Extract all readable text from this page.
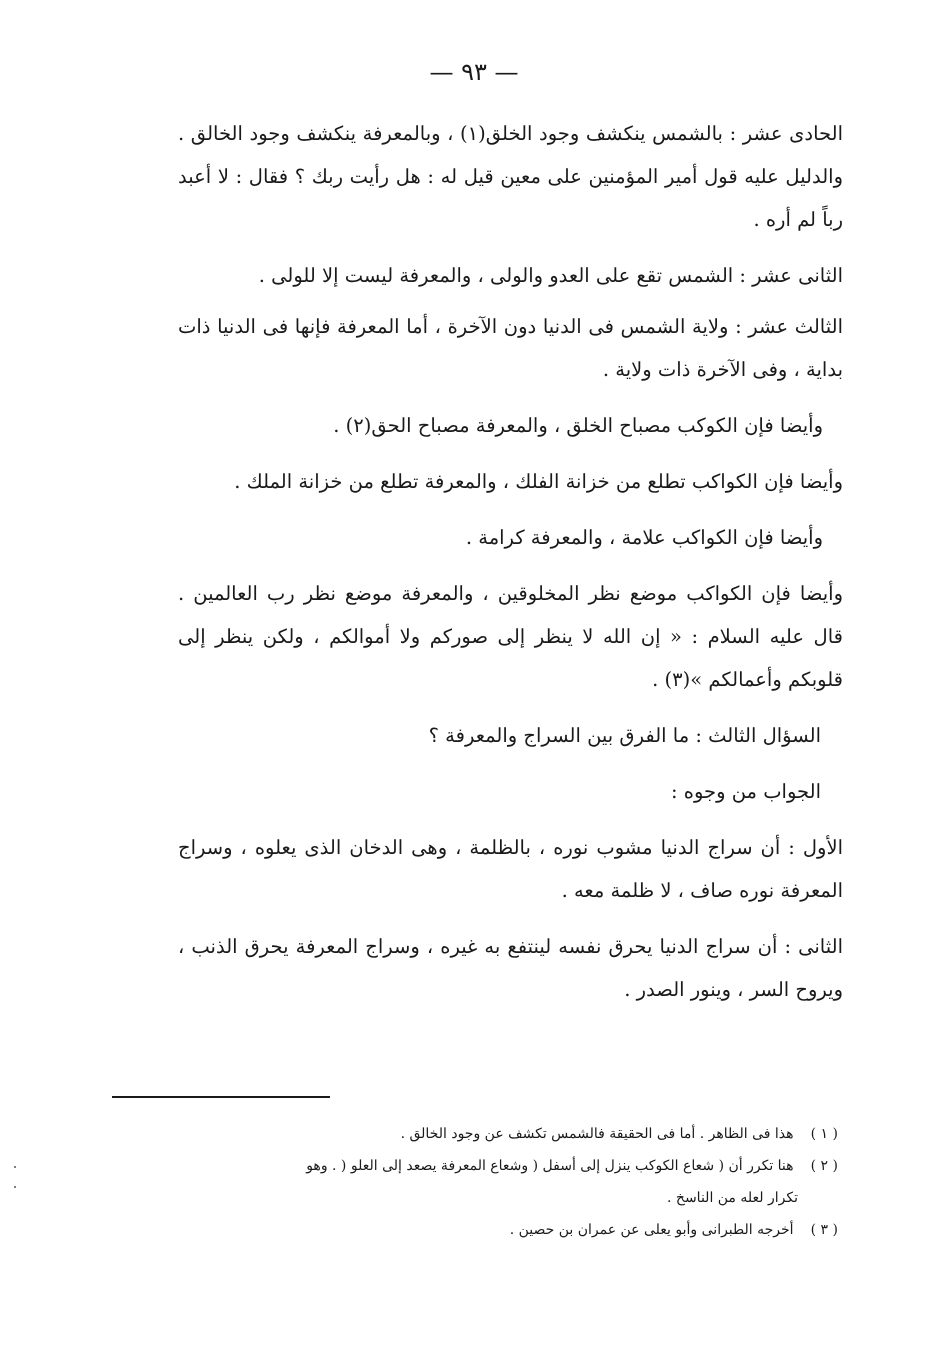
— ٩٣ —

الحادى عشر : بالشمس ينكشف وجود الخلق(١) ، وبالمعرفة ينكشف وجود الخالق . والدليل عليه قول أمير المؤمنين على معين قيل له : هل رأيت ربك ؟ فقال : لا أعبد رباً لم أره .

الثانى عشر : الشمس تقع على العدو والولى ، والمعرفة ليست إلا للولى .

الثالث عشر : ولاية الشمس فى الدنيا دون الآخرة ، أما المعرفة فإنها فى الدنيا ذات بداية ، وفى الآخرة ذات ولاية .

وأيضا فإن الكوكب مصباح الخلق ، والمعرفة مصباح الحق(٢) .

وأيضا فإن الكواكب تطلع من خزانة الفلك ، والمعرفة تطلع من خزانة الملك .

وأيضا فإن الكواكب علامة ، والمعرفة كرامة .

وأيضا فإن الكواكب موضع نظر المخلوقين ، والمعرفة موضع نظر رب العالمين . قال عليه السلام : « إن الله لا ينظر إلى صوركم ولا أموالكم ، ولكن ينظر إلى قلوبكم وأعمالكم »(٣) .

السؤال الثالث : ما الفرق بين السراج والمعرفة ؟

الجواب من وجوه :

الأول : أن سراج الدنيا مشوب نوره ، بالظلمة ، وهى الدخان الذى يعلوه ، وسراج المعرفة نوره صاف ، لا ظلمة معه .

الثانى : أن سراج الدنيا يحرق نفسه لينتفع به غيره ، وسراج المعرفة يحرق الذنب ، ويروح السر ، وينور الصدر .

( ١ ) هذا فى الظاهر . أما فى الحقيقة فالشمس تكشف عن وجود الخالق .

( ٢ ) هنا تكرر أن ( شعاع الكوكب ينزل إلى أسفل ( وشعاع المعرفة يصعد إلى العلو ( . وهو

تكرار لعله من الناسخ .

( ٣ ) أخرجه الطبرانى وأبو يعلى عن عمران بن حصين .
